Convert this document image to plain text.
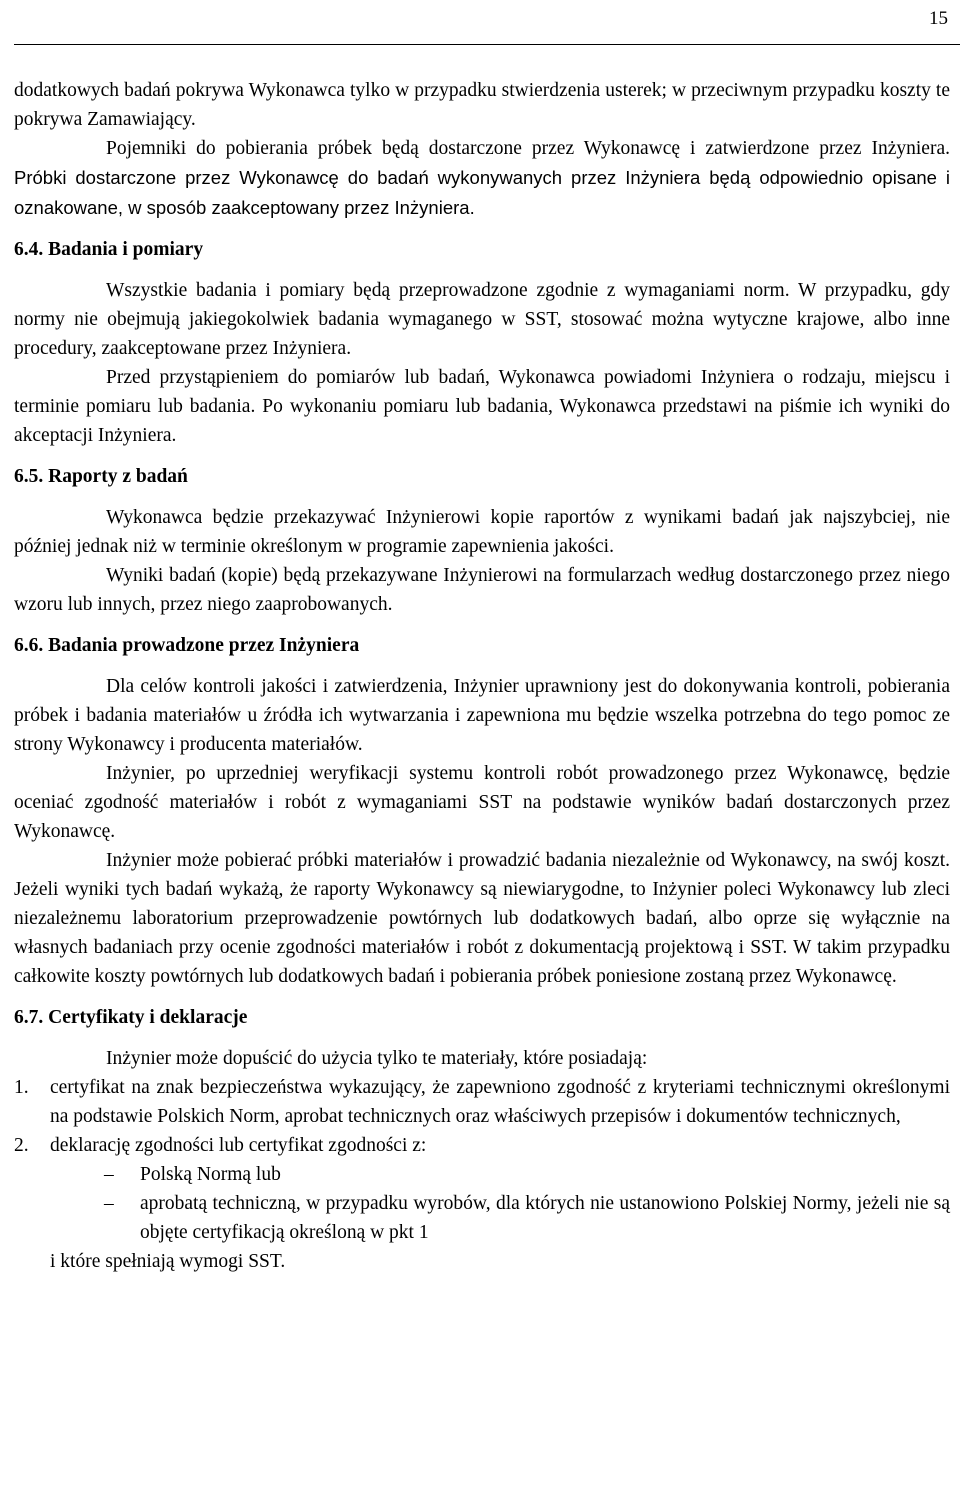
15

dodatkowych badań pokrywa Wykonawca tylko w przypadku stwierdzenia usterek; w przeciwnym przypadku koszty te pokrywa Zamawiający.

Pojemniki do pobierania próbek będą dostarczone przez Wykonawcę i zatwierdzone przez Inżyniera. Próbki dostarczone przez Wykonawcę do badań wykonywanych przez Inżyniera będą odpowiednio opisane i oznakowane, w sposób zaakceptowany przez Inżyniera.

6.4. Badania i pomiary

Wszystkie badania i pomiary będą przeprowadzone zgodnie z wymaganiami norm. W przypadku, gdy normy nie obejmują jakiegokolwiek badania wymaganego w SST, stosować można wytyczne krajowe, albo inne procedury, zaakceptowane przez Inżyniera.

Przed przystąpieniem do pomiarów lub badań, Wykonawca powiadomi Inżyniera o rodzaju, miejscu i terminie pomiaru lub badania. Po wykonaniu pomiaru lub badania, Wykonawca przedstawi na piśmie ich wyniki do akceptacji Inżyniera.

6.5. Raporty z badań

Wykonawca będzie przekazywać Inżynierowi kopie raportów z wynikami badań jak najszybciej, nie później jednak niż w terminie określonym w programie zapewnienia jakości.

Wyniki badań (kopie) będą przekazywane Inżynierowi na formularzach według dostarczonego przez niego wzoru lub innych, przez niego zaaprobowanych.

6.6. Badania prowadzone przez Inżyniera

Dla celów kontroli jakości i zatwierdzenia, Inżynier uprawniony jest do dokonywania kontroli, pobierania próbek i badania materiałów u źródła ich wytwarzania i zapewniona mu będzie wszelka potrzebna do tego pomoc ze strony Wykonawcy i producenta materiałów.

Inżynier, po uprzedniej weryfikacji systemu kontroli robót prowadzonego przez Wykonawcę, będzie oceniać zgodność materiałów i robót z wymaganiami SST na podstawie wyników badań dostarczonych przez Wykonawcę.

Inżynier może pobierać próbki materiałów i prowadzić badania niezależnie od Wykonawcy, na swój koszt. Jeżeli wyniki tych badań wykażą, że raporty Wykonawcy są niewiarygodne, to Inżynier poleci Wykonawcy lub zleci niezależnemu laboratorium przeprowadzenie powtórnych lub dodatkowych badań, albo oprze się wyłącznie na własnych badaniach przy ocenie zgodności materiałów i robót z dokumentacją projektową i SST. W takim przypadku całkowite koszty powtórnych lub dodatkowych badań i pobierania próbek poniesione zostaną przez Wykonawcę.

6.7. Certyfikaty i deklaracje

Inżynier może dopuścić do użycia tylko te materiały, które posiadają:

1. certyfikat na znak bezpieczeństwa wykazujący, że zapewniono zgodność z kryteriami technicznymi określonymi na podstawie Polskich Norm, aprobat technicznych oraz właściwych przepisów i dokumentów technicznych,
2. deklarację zgodności lub certyfikat zgodności z:
– Polską Normą lub
– aprobatą techniczną, w przypadku wyrobów, dla których nie ustanowiono Polskiej Normy, jeżeli nie są objęte certyfikacją określoną w pkt 1

i które spełniają wymogi SST.
